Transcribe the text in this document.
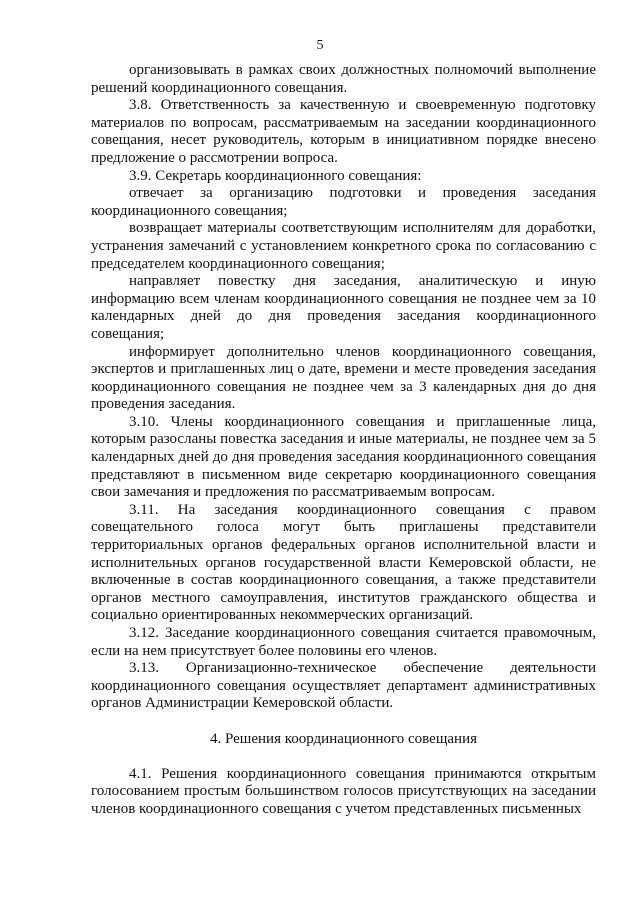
5

организовывать в рамках своих должностных полномочий выполнение решений координационного совещания.

3.8. Ответственность за качественную и своевременную подготовку материалов по вопросам, рассматриваемым на заседании координационного совещания, несет руководитель, которым в инициативном порядке внесено предложение о рассмотрении вопроса.

3.9. Секретарь координационного совещания:

отвечает за организацию подготовки и проведения заседания координационного совещания;

возвращает материалы соответствующим исполнителям для доработки, устранения замечаний с установлением конкретного срока по согласованию с председателем координационного совещания;

направляет повестку дня заседания, аналитическую и иную информацию всем членам координационного совещания не позднее чем за 10 календарных дней до дня проведения заседания координационного совещания;

информирует дополнительно членов координационного совещания, экспертов и приглашенных лиц о дате, времени и месте проведения заседания координационного совещания не позднее чем за 3 календарных дня до дня проведения заседания.

3.10. Члены координационного совещания и приглашенные лица, которым разосланы повестка заседания и иные материалы, не позднее чем за 5 календарных дней до дня проведения заседания координационного совещания представляют в письменном виде секретарю координационного совещания свои замечания и предложения по рассматриваемым вопросам.

3.11. На заседания координационного совещания с правом совещательного голоса могут быть приглашены представители территориальных органов федеральных органов исполнительной власти и исполнительных органов государственной власти Кемеровской области, не включенные в состав координационного совещания, а также представители органов местного самоуправления, институтов гражданского общества и социально ориентированных некоммерческих организаций.

3.12. Заседание координационного совещания считается правомочным, если на нем присутствует более половины его членов.

3.13. Организационно-техническое обеспечение деятельности координационного совещания осуществляет департамент административных органов Администрации Кемеровской области.

4. Решения координационного совещания

4.1. Решения координационного совещания принимаются открытым голосованием простым большинством голосов присутствующих на заседании членов координационного совещания с учетом представленных письменных
